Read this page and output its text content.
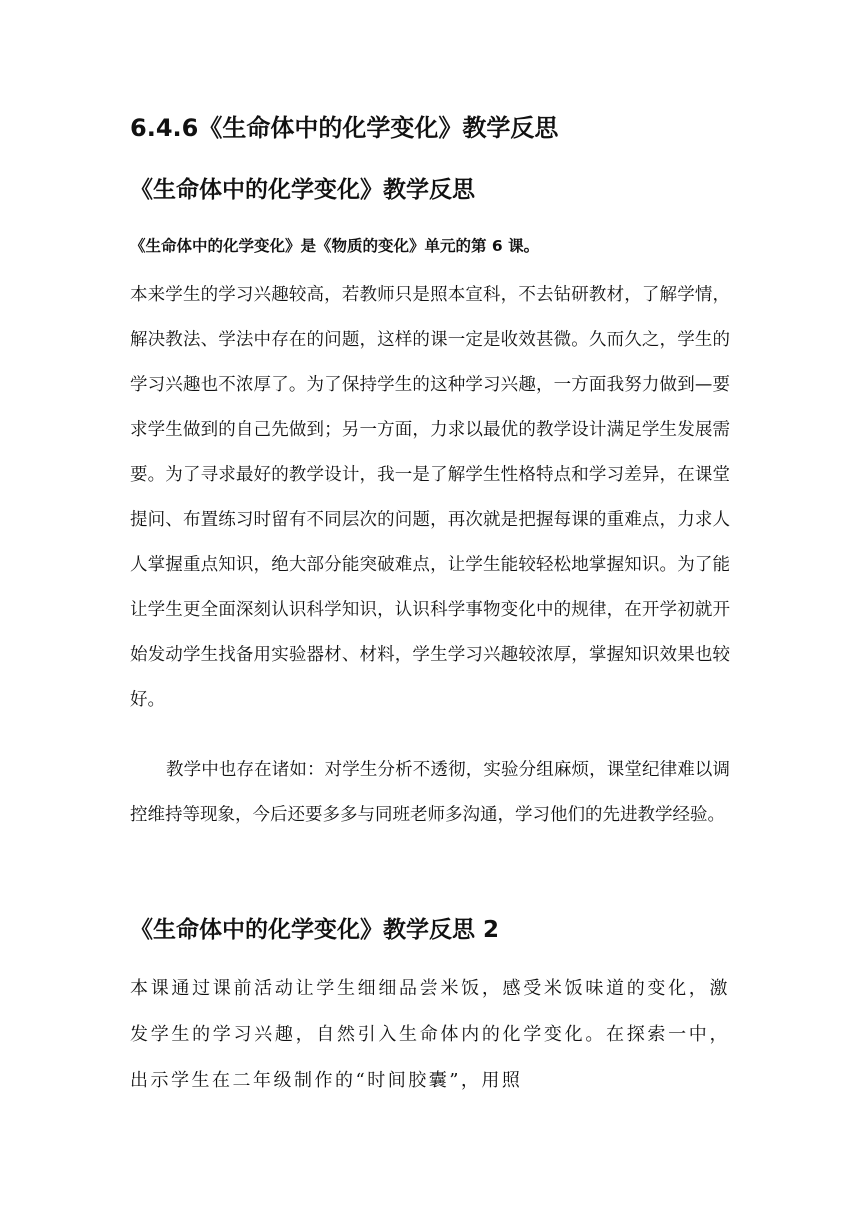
6.4.6《生命体中的化学变化》教学反思
《生命体中的化学变化》教学反思

《生命体中的化学变化》是《物质的变化》单元的第 6 课。

本来学生的学习兴趣较高，若教师只是照本宣科，不去钻研教材，了解学情，解决教法、学法中存在的问题，这样的课一定是收效甚微。久而久之，学生的学习兴趣也不浓厚了。为了保持学生的这种学习兴趣，一方面我努力做到—要求学生做到的自己先做到；另一方面，力求以最优的教学设计满足学生发展需要。为了寻求最好的教学设计，我一是了解学生性格特点和学习差异，在课堂提问、布置练习时留有不同层次的问题，再次就是把握每课的重难点，力求人人掌握重点知识，绝大部分能突破难点，让学生能较轻松地掌握知识。为了能让学生更全面深刻认识科学知识，认识科学事物变化中的规律，在开学初就开始发动学生找备用实验器材、材料，学生学习兴趣较浓厚，掌握知识效果也较好。

教学中也存在诸如：对学生分析不透彻，实验分组麻烦，课堂纪律难以调控维持等现象，今后还要多多与同班老师多沟通，学习他们的先进教学经验。

《生命体中的化学变化》教学反思 2

本课通过课前活动让学生细细品尝米饭，感受米饭味道的变化，激发学生的学习兴趣，自然引入生命体内的化学变化。在探索一中，出示学生在二年级制作的“时间胶囊”，用照
